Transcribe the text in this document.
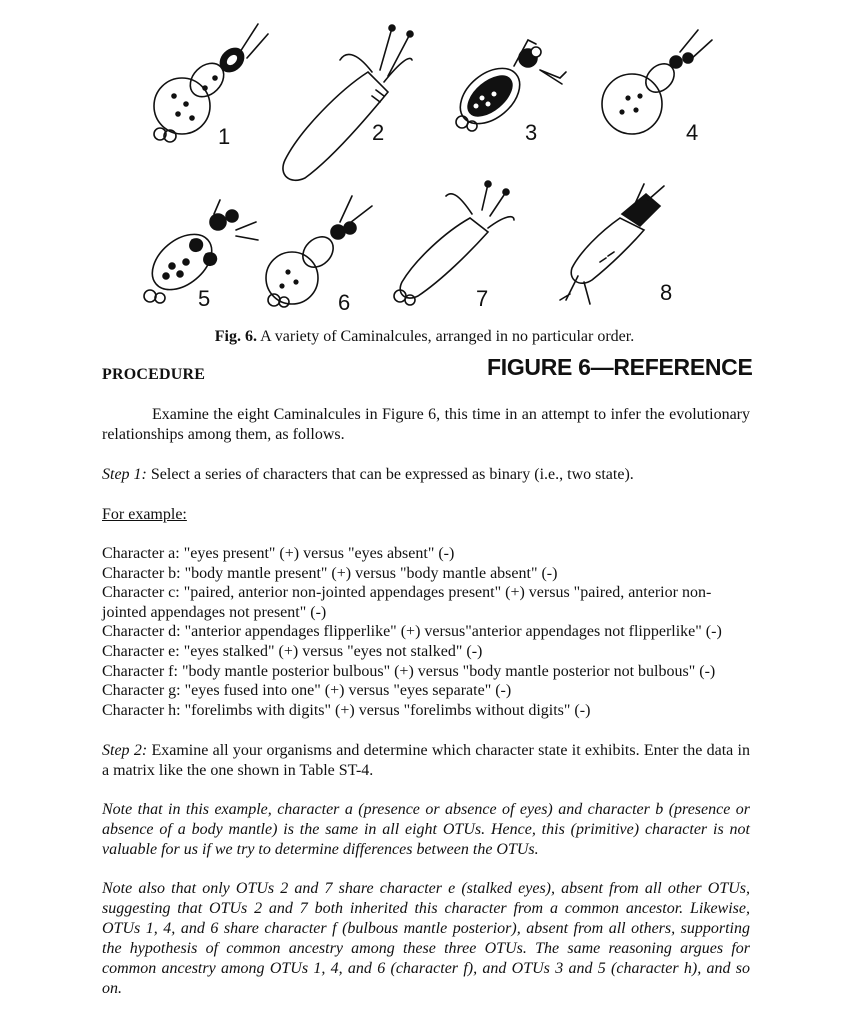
1	2	3	4
5	6	7	8
Fig. 6. A variety of Caminalcules, arranged in no particular order.
PROCEDURE	FIGURE 6—REFERENCE
Examine the eight Caminalcules in Figure 6, this time in an attempt to infer the evolutionary relationships among them, as follows.
Step 1: Select a series of characters that can be expressed as binary (i.e., two state).
For example:
Character a: "eyes present" (+) versus "eyes absent" (-)
Character b: "body mantle present" (+) versus "body mantle absent" (-)
Character c: "paired, anterior non-jointed appendages present" (+) versus "paired, anterior non-jointed appendages not present" (-)
Character d: "anterior appendages flipperlike" (+) versus"anterior appendages not flipperlike" (-)
Character e: "eyes stalked" (+) versus "eyes not stalked" (-)
Character f: "body mantle posterior bulbous" (+) versus "body mantle posterior not bulbous" (-)
Character g: "eyes fused into one" (+) versus "eyes separate" (-)
Character h: "forelimbs with digits" (+) versus "forelimbs without digits" (-)
Step 2: Examine all your organisms and determine which character state it exhibits. Enter the data in a matrix like the one shown in Table ST-4.
Note that in this example, character a (presence or absence of eyes) and character b (presence or absence of a body mantle) is the same in all eight OTUs. Hence, this (primitive) character is not valuable for us if we try to determine differences between the OTUs.
Note also that only OTUs 2 and 7 share character e (stalked eyes), absent from all other OTUs, suggesting that OTUs 2 and 7 both inherited this character from a common ancestor. Likewise, OTUs 1, 4, and 6 share character f (bulbous mantle posterior), absent from all others, supporting the hypothesis of common ancestry among these three OTUs. The same reasoning argues for common ancestry among OTUs 1, 4, and 6 (character f), and OTUs 3 and 5 (character h), and so on.
